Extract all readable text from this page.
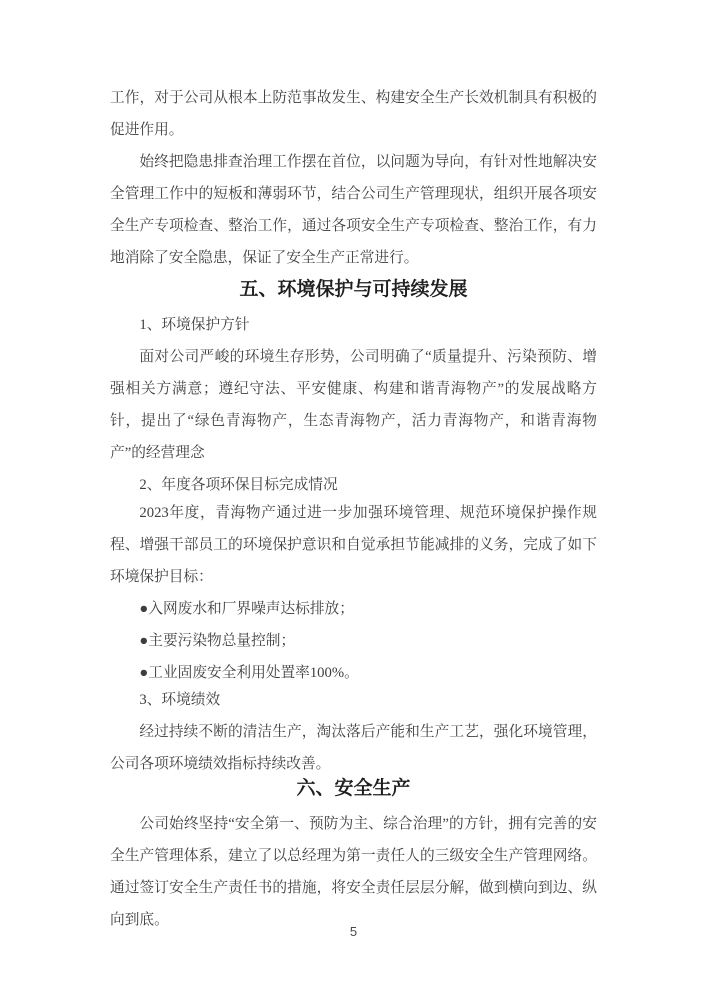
工作，对于公司从根本上防范事故发生、构建安全生产长效机制具有积极的促进作用。

始终把隐患排查治理工作摆在首位，以问题为导向，有针对性地解决安全管理工作中的短板和薄弱环节，结合公司生产管理现状，组织开展各项安全生产专项检查、整治工作，通过各项安全生产专项检查、整治工作，有力地消除了安全隐患，保证了安全生产正常进行。

五、环境保护与可持续发展

1、环境保护方针

面对公司严峻的环境生存形势，公司明确了“质量提升、污染预防、增强相关方满意；遵纪守法、平安健康、构建和谐青海物产”的发展战略方针，提出了“绿色青海物产，生态青海物产，活力青海物产，和谐青海物产”的经营理念

2、年度各项环保目标完成情况

2023年度，青海物产通过进一步加强环境管理、规范环境保护操作规程、增强干部员工的环境保护意识和自觉承担节能减排的义务，完成了如下环境保护目标：

●入网废水和厂界噪声达标排放；
●主要污染物总量控制；
●工业固废安全利用处置率100%。

3、环境绩效

经过持续不断的清洁生产，淘汰落后产能和生产工艺，强化环境管理，公司各项环境绩效指标持续改善。

六、安全生产

公司始终坚持“安全第一、预防为主、综合治理”的方针，拥有完善的安全生产管理体系，建立了以总经理为第一责任人的三级安全生产管理网络。通过签订安全生产责任书的措施，将安全责任层层分解，做到横向到边、纵向到底。

5
